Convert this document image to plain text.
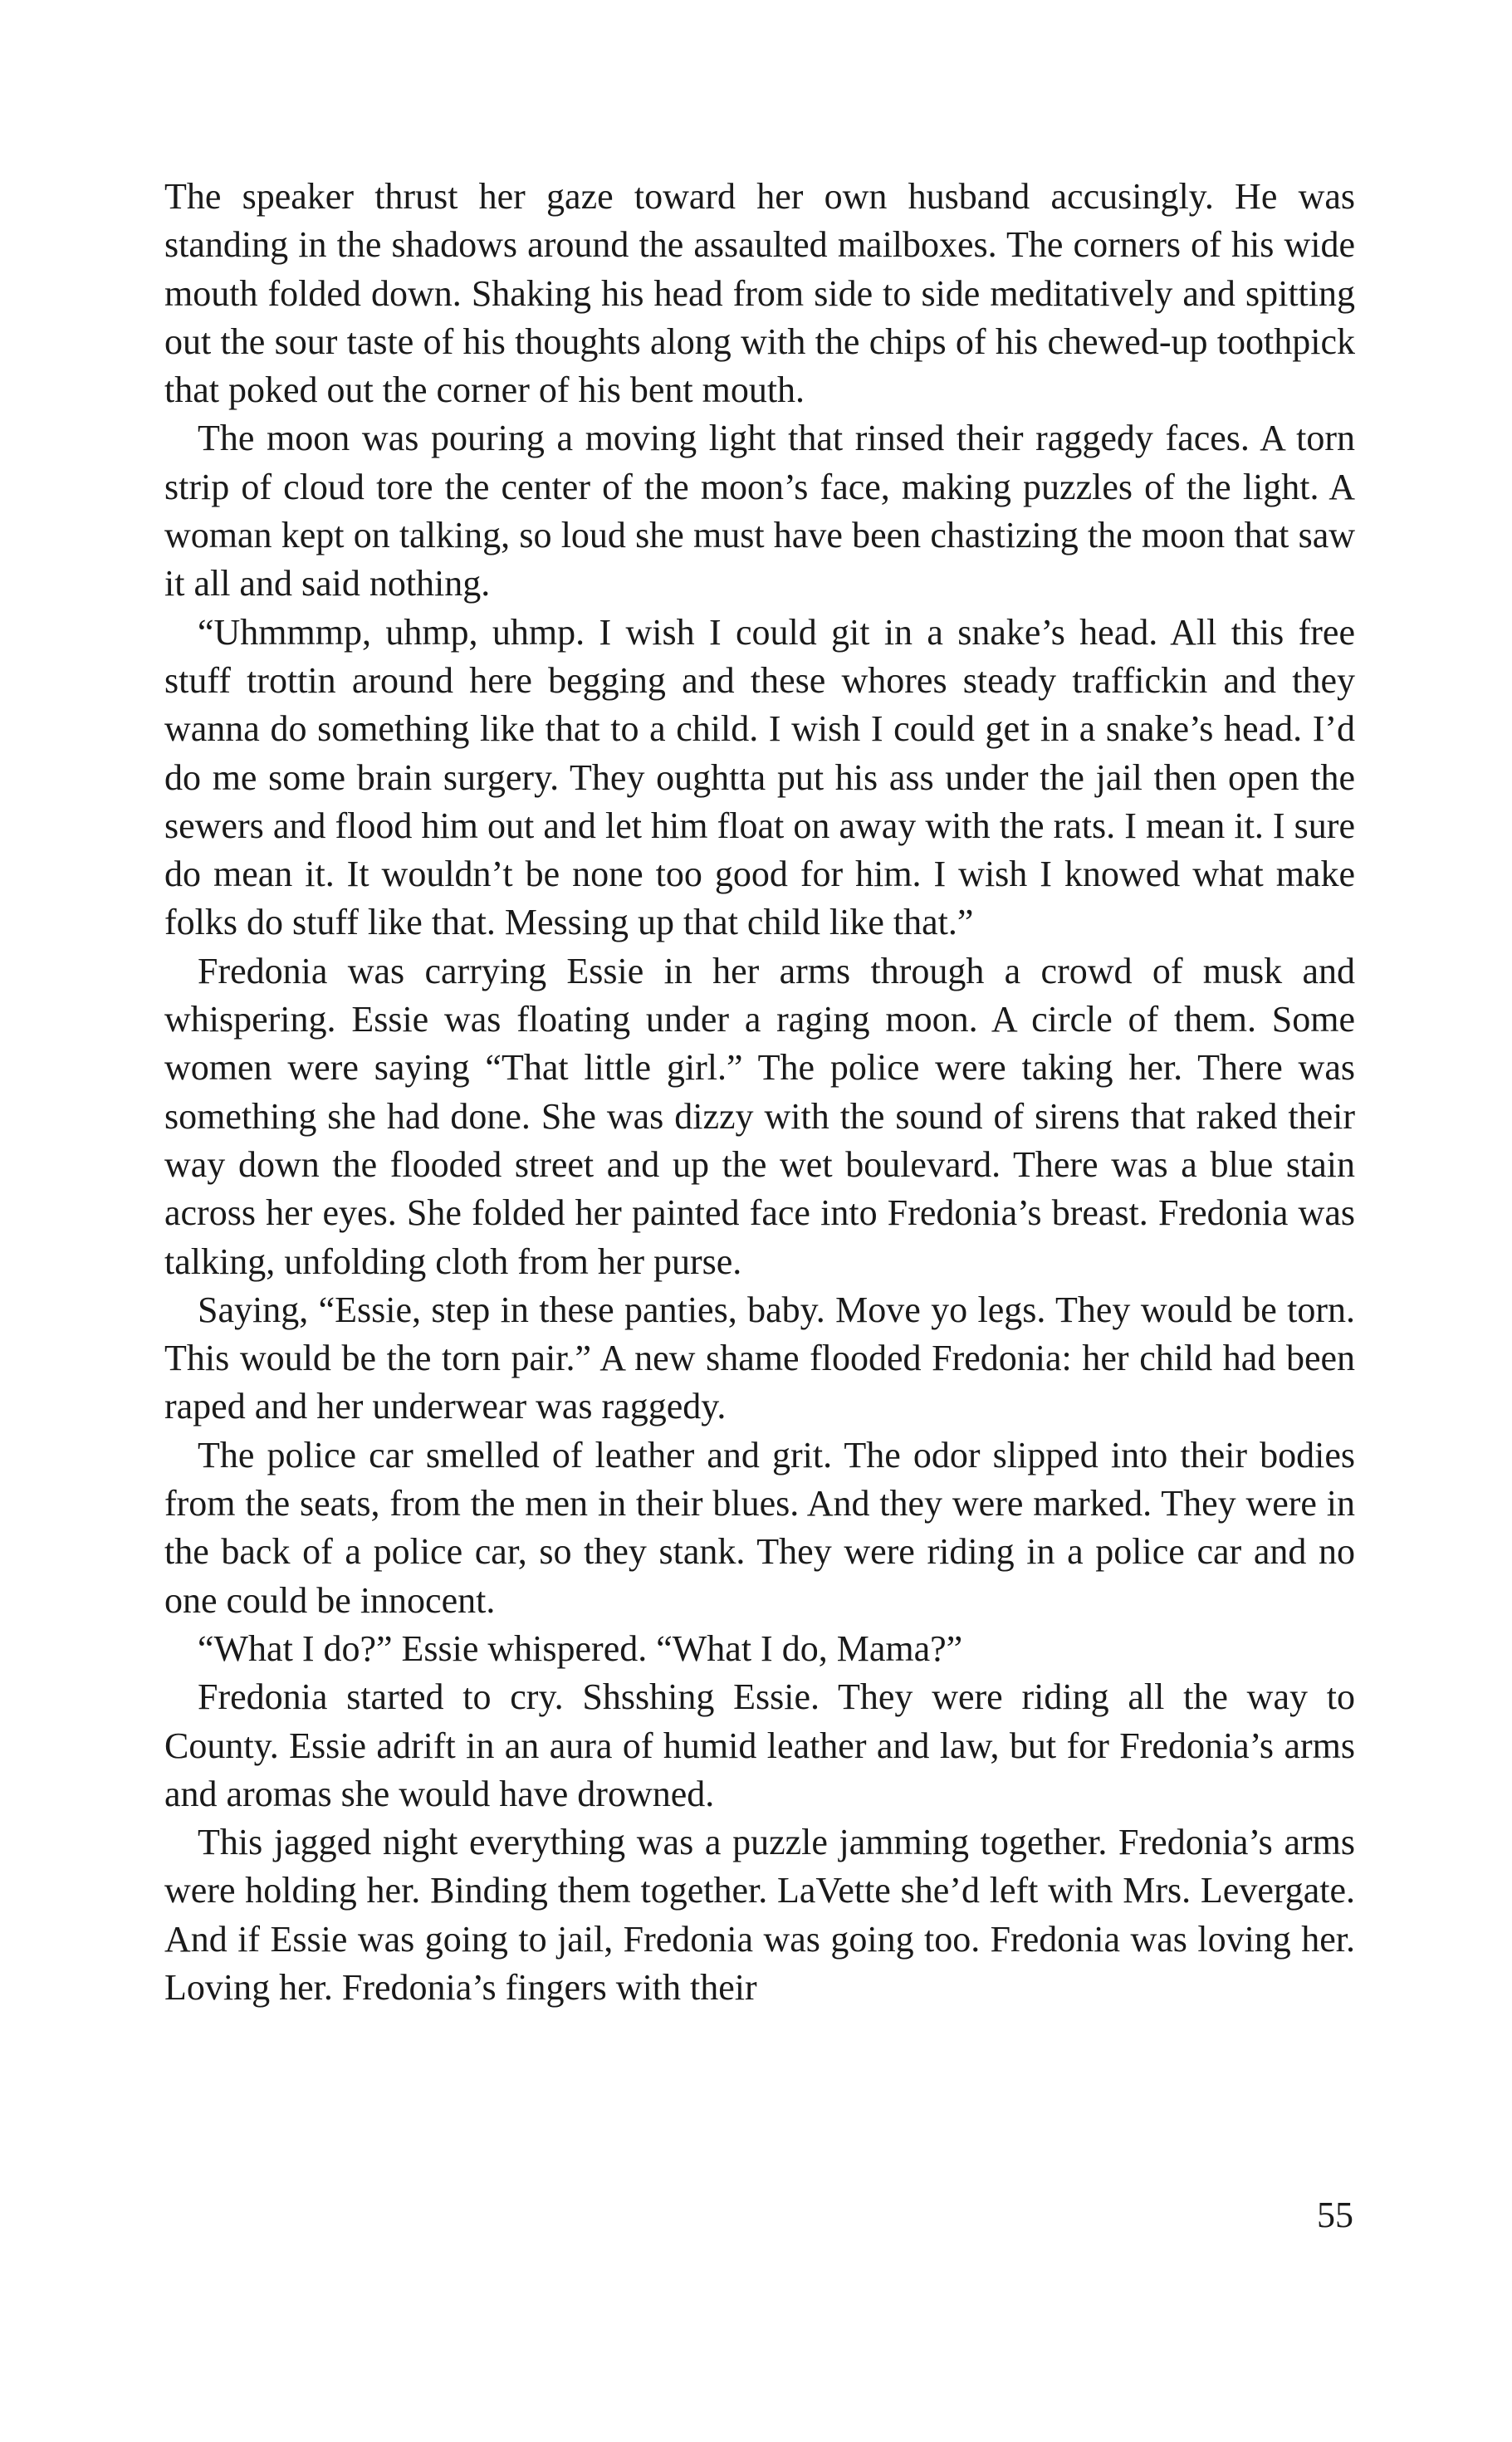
The speaker thrust her gaze toward her own husband accusingly. He was standing in the shadows around the assaulted mailboxes. The corners of his wide mouth folded down. Shaking his head from side to side meditatively and spitting out the sour taste of his thoughts along with the chips of his chewed-up toothpick that poked out the corner of his bent mouth.

The moon was pouring a moving light that rinsed their raggedy faces. A torn strip of cloud tore the center of the moon’s face, making puzzles of the light. A woman kept on talking, so loud she must have been chastizing the moon that saw it all and said nothing.

“Uhmmmp, uhmp, uhmp. I wish I could git in a snake’s head. All this free stuff trottin around here begging and these whores steady traffickin and they wanna do something like that to a child. I wish I could get in a snake’s head. I’d do me some brain surgery. They oughtta put his ass under the jail then open the sewers and flood him out and let him float on away with the rats. I mean it. I sure do mean it. It wouldn’t be none too good for him. I wish I knowed what make folks do stuff like that. Messing up that child like that.”

Fredonia was carrying Essie in her arms through a crowd of musk and whispering. Essie was floating under a raging moon. A circle of them. Some women were saying “That little girl.” The police were taking her. There was something she had done. She was dizzy with the sound of sirens that raked their way down the flooded street and up the wet boulevard. There was a blue stain across her eyes. She folded her painted face into Fredonia’s breast. Fredonia was talking, unfolding cloth from her purse.

Saying, “Essie, step in these panties, baby. Move yo legs. They would be torn. This would be the torn pair.” A new shame flooded Fredonia: her child had been raped and her underwear was raggedy.

The police car smelled of leather and grit. The odor slipped into their bodies from the seats, from the men in their blues. And they were marked. They were in the back of a police car, so they stank. They were riding in a police car and no one could be innocent.

“What I do?” Essie whispered. “What I do, Mama?”

Fredonia started to cry. Shsshing Essie. They were riding all the way to County. Essie adrift in an aura of humid leather and law, but for Fredonia’s arms and aromas she would have drowned.

This jagged night everything was a puzzle jamming together. Fredonia’s arms were holding her. Binding them together. LaVette she’d left with Mrs. Levergate. And if Essie was going to jail, Fredonia was going too. Fredonia was loving her. Loving her. Fredonia’s fingers with their

55
